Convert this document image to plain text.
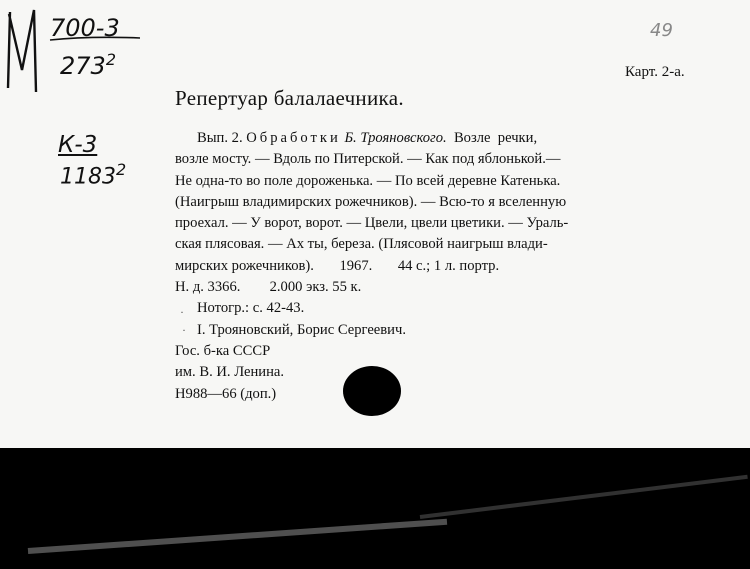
700-3
$273^2$
К-3
1183$^2$
49
Карт. 2-а.
Репертуар балалаечника.
Вып. 2. Обработки Б. Трояновского.  Возле  речки,
возле мосту. — Вдоль по Питерской. — Как под яблонькой.—
Не одна-то во поле дороженька. — По всей деревне Катенька.
(Наигрыш владимирских рожечников). — Всю-то я вселенную
проехал. — У ворот, ворот. — Цвели, цвели цветики. — Ураль-
ская плясовая. — Ах ты, береза. (Плясовой наигрыш влади-
мирских рожечников).       1967.       44 с.; 1 л. портр.
Н. д. 3366.        2.000 экз. 55 к.
Нотогр.: с. 42-43.
I. Трояновский, Борис Сергеевич.
Гос. б-ка СССР
им. В. И. Ленина.
Н988—66 (доп.)
·
·
